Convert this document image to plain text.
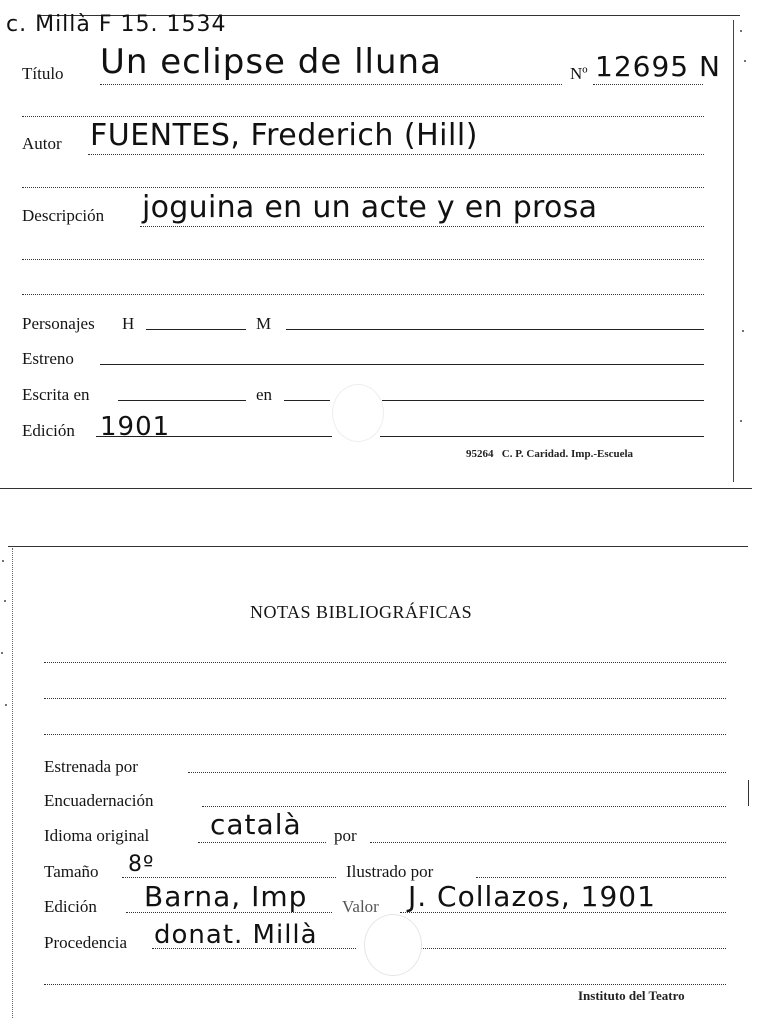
c. Millà F 15. 1534
Título Un eclipse de lluna	Nº 12695 N
Autor FUENTES, Frederich (Hill)
Descripción joguina en un acte y en prosa
Personajes H	M
Estreno
Escrita en	en
Edición 1901
95264   C. P. Caridad. Imp.-Escuela
NOTAS BIBLIOGRÁFICAS
Estrenada por
Encuadernación
Idioma original català por
Tamaño 8º	Ilustrado por
Edición Barna, Imp Valor J. Collazos, 1901
Procedencia donat. Millà
Instituto del Teatro
